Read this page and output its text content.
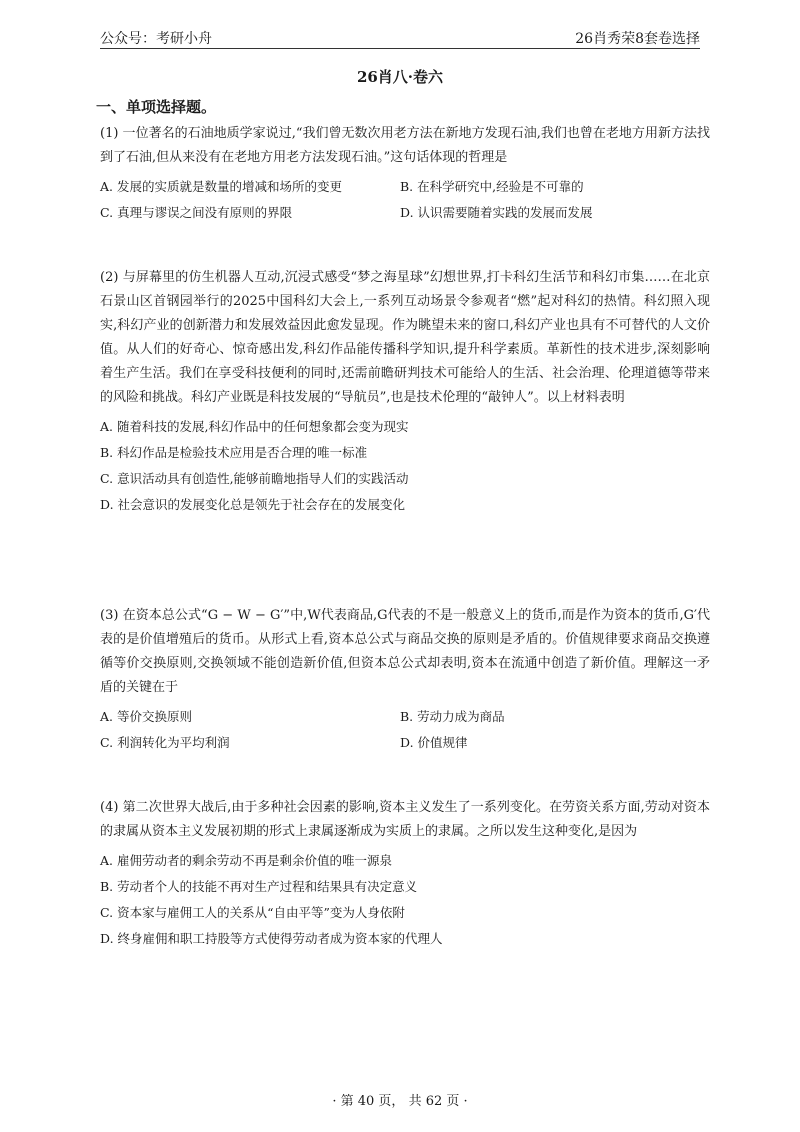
公众号：考研小舟	26肖秀荣8套卷选择
26肖八·卷六
一、单项选择题。

(1) 一位著名的石油地质学家说过,“我们曾无数次用老方法在新地方发现石油,我们也曾在老地方用新方法找到了石油,但从来没有在老地方用老方法发现石油。”这句话体现的哲理是

A. 发展的实质就是数量的增减和场所的变更	B. 在科学研究中,经验是不可靠的
C. 真理与谬误之间没有原则的界限	D. 认识需要随着实践的发展而发展

(2) 与屏幕里的仿生机器人互动,沉浸式感受“梦之海星球”幻想世界,打卡科幻生活节和科幻市集……在北京石景山区首钢园举行的2025中国科幻大会上,一系列互动场景令参观者“燃”起对科幻的热情。科幻照入现实,科幻产业的创新潜力和发展效益因此愈发显现。作为眺望未来的窗口,科幻产业也具有不可替代的人文价值。从人们的好奇心、惊奇感出发,科幻作品能传播科学知识,提升科学素质。革新性的技术进步,深刻影响着生产生活。我们在享受科技便利的同时,还需前瞻研判技术可能给人的生活、社会治理、伦理道德等带来的风险和挑战。科幻产业既是科技发展的“导航员”,也是技术伦理的“敲钟人”。以上材料表明

A. 随着科技的发展,科幻作品中的任何想象都会变为现实
B. 科幻作品是检验技术应用是否合理的唯一标准
C. 意识活动具有创造性,能够前瞻地指导人们的实践活动
D. 社会意识的发展变化总是领先于社会存在的发展变化

(3) 在资本总公式“G − W − G′”中,W代表商品,G代表的不是一般意义上的货币,而是作为资本的货币,G′代表的是价值增殖后的货币。从形式上看,资本总公式与商品交换的原则是矛盾的。价值规律要求商品交换遵循等价交换原则,交换领域不能创造新价值,但资本总公式却表明,资本在流通中创造了新价值。理解这一矛盾的关键在于

A. 等价交换原则	B. 劳动力成为商品
C. 利润转化为平均利润	D. 价值规律

(4) 第二次世界大战后,由于多种社会因素的影响,资本主义发生了一系列变化。在劳资关系方面,劳动对资本的隶属从资本主义发展初期的形式上隶属逐渐成为实质上的隶属。之所以发生这种变化,是因为

A. 雇佣劳动者的剩余劳动不再是剩余价值的唯一源泉
B. 劳动者个人的技能不再对生产过程和结果具有决定意义
C. 资本家与雇佣工人的关系从“自由平等”变为人身依附
D. 终身雇佣和职工持股等方式使得劳动者成为资本家的代理人
· 第 40 页， 共 62 页 ·
